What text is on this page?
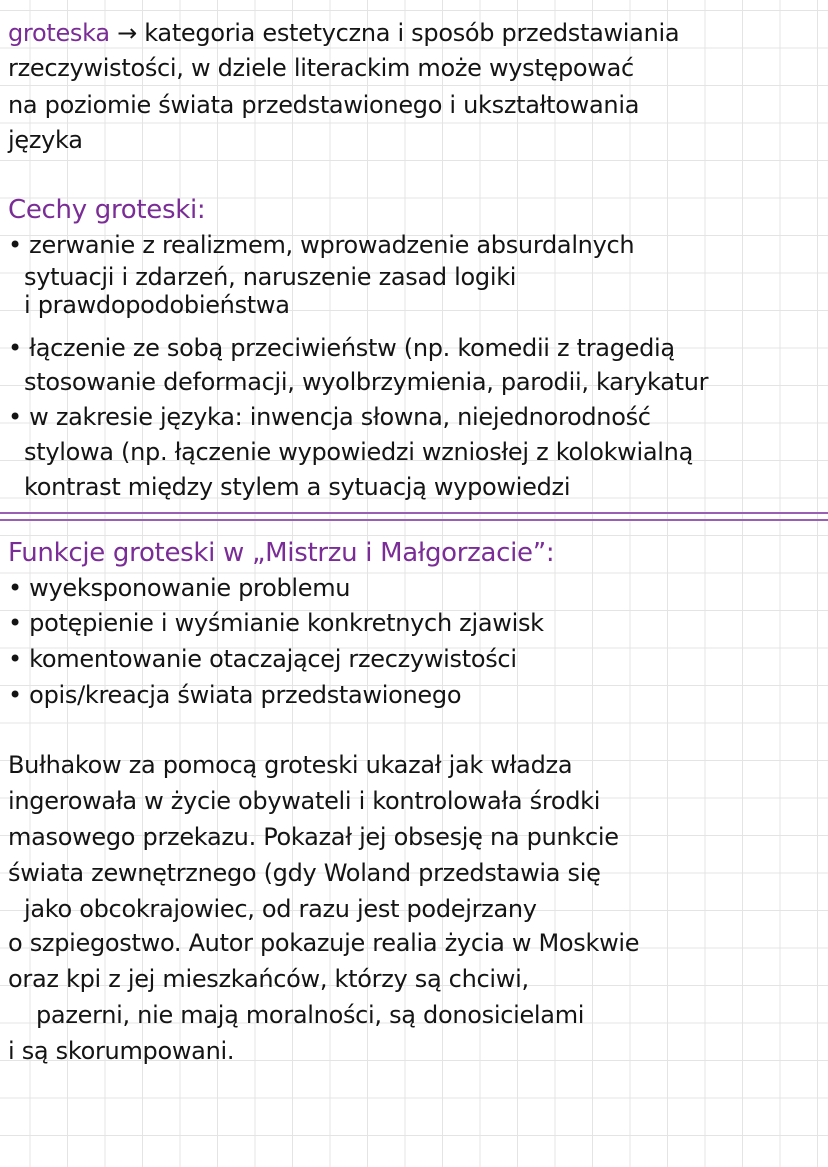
groteska → kategoria estetyczna i sposób przedstawiania
rzeczywistości, w dziele literackim może występować
na poziomie świata przedstawionego i ukształtowania
języka
Cechy groteski:
• zerwanie z realizmem, wprowadzenie absurdalnych
sytuacji i zdarzeń, naruszenie zasad logiki
i prawdopodobieństwa
• łączenie ze sobą przeciwieństw (np. komedii z tragedią
stosowanie deformacji, wyolbrzymienia, parodii, karykatur
• w zakresie języka: inwencja słowna, niejednorodność
stylowa (np. łączenie wypowiedzi wzniosłej z kolokwialną
kontrast między stylem a sytuacją wypowiedzi
Funkcje groteski w „Mistrzu i Małgorzacie”:
• wyeksponowanie problemu
• potępienie i wyśmianie konkretnych zjawisk
• komentowanie otaczającej rzeczywistości
• opis/kreacja świata przedstawionego
Bułhakow za pomocą groteski ukazał jak władza
ingerowała w życie obywateli i kontrolowała środki
masowego przekazu. Pokazał jej obsesję na punkcie
świata zewnętrznego (gdy Woland przedstawia się
jako obcokrajowiec, od razu jest podejrzany
o szpiegostwo. Autor pokazuje realia życia w Moskwie
oraz kpi z jej mieszkańców, którzy są chciwi,
pazerni, nie mają moralności, są donosicielami
i są skorumpowani.
